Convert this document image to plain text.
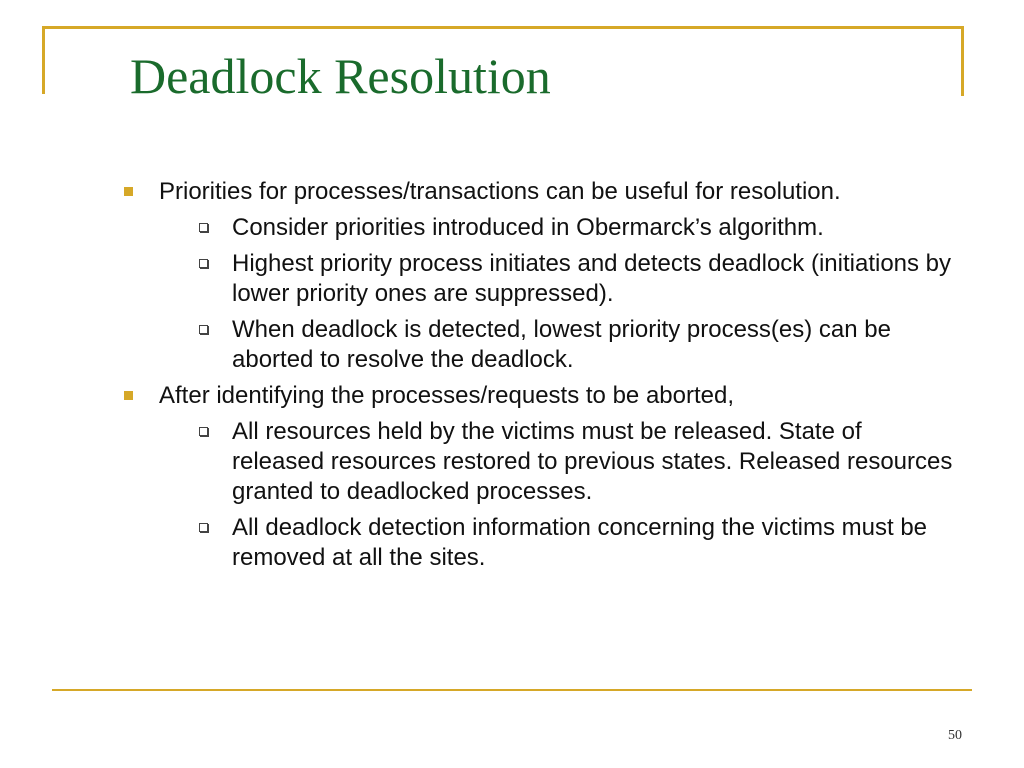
Deadlock Resolution
Priorities for processes/transactions can be useful for resolution.
Consider priorities introduced in Obermarck’s algorithm.
Highest priority process initiates and detects deadlock (initiations by lower priority ones are suppressed).
When deadlock is detected, lowest priority process(es) can be aborted to resolve the deadlock.
After identifying the processes/requests to be aborted,
All resources held by the victims must be released. State of released resources restored to previous states. Released resources granted to deadlocked processes.
All deadlock detection information concerning the victims must be removed at all the sites.
50
